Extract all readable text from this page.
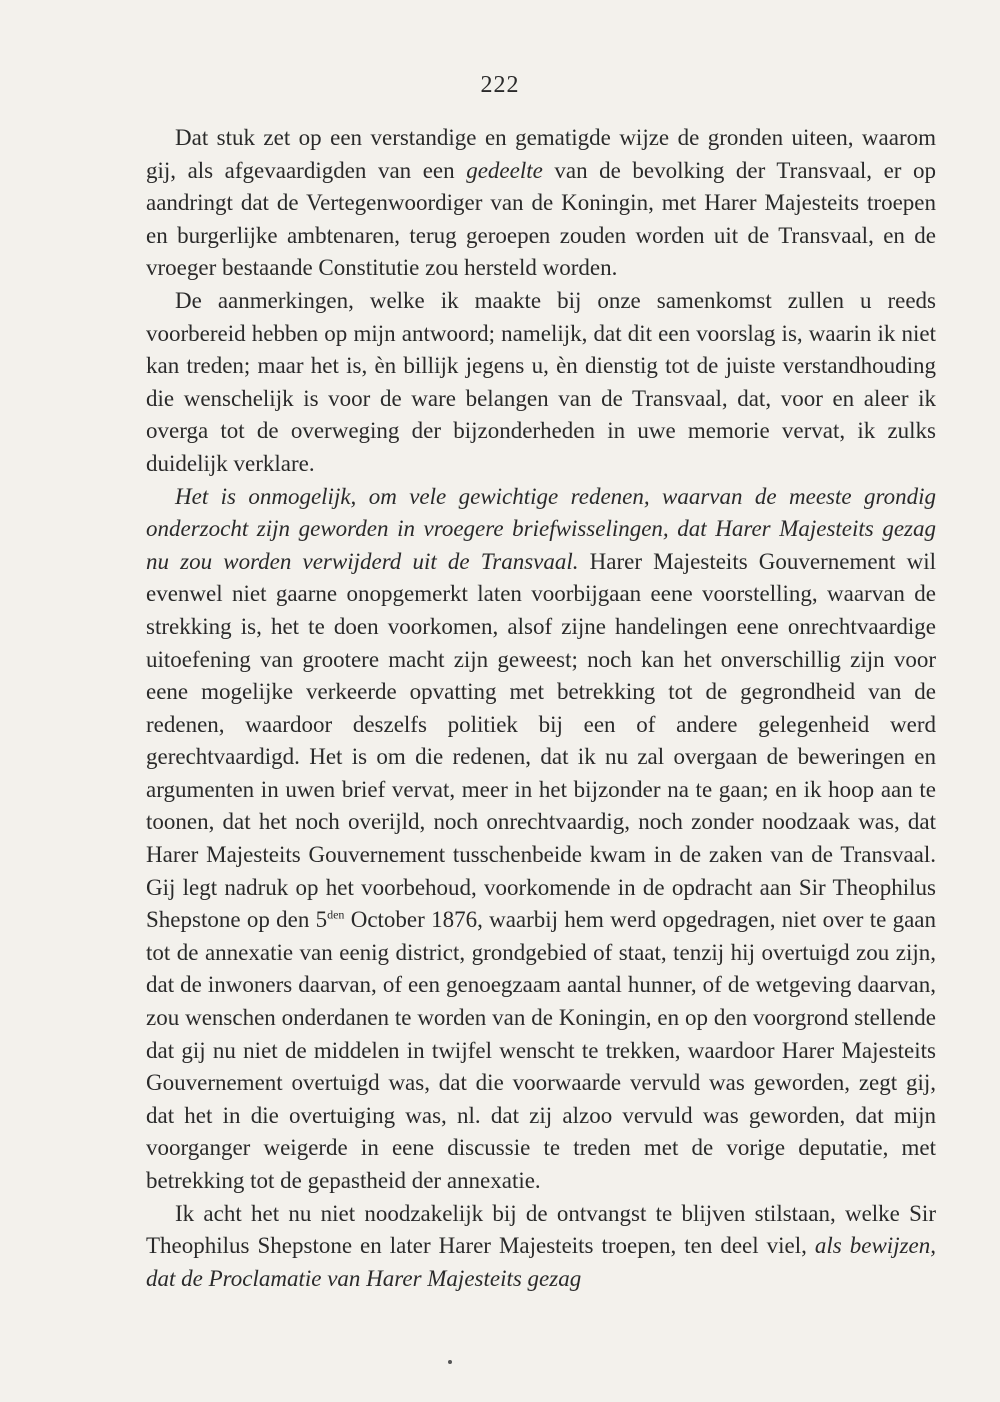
222

Dat stuk zet op een verstandige en gematigde wijze de gronden uiteen, waarom gij, als afgevaardigden van een gedeelte van de bevolking der Transvaal, er op aandringt dat de Vertegenwoordiger van de Koningin, met Harer Majesteits troepen en burgerlijke ambtenaren, terug geroepen zouden worden uit de Transvaal, en de vroeger bestaande Constitutie zou hersteld worden.

De aanmerkingen, welke ik maakte bij onze samenkomst zullen u reeds voorbereid hebben op mijn antwoord; namelijk, dat dit een voorslag is, waarin ik niet kan treden; maar het is, èn billijk jegens u, èn dienstig tot de juiste verstandhouding die wenschelijk is voor de ware belangen van de Transvaal, dat, voor en aleer ik overga tot de overweging der bijzonderheden in uwe memorie vervat, ik zulks duidelijk verklare.

Het is onmogelijk, om vele gewichtige redenen, waarvan de meeste grondig onderzocht zijn geworden in vroegere briefwisselingen, dat Harer Majesteits gezag nu zou worden verwijderd uit de Transvaal. Harer Majesteits Gouvernement wil evenwel niet gaarne onopgemerkt laten voorbijgaan eene voorstelling, waarvan de strekking is, het te doen voorkomen, alsof zijne handelingen eene onrechtvaardige uitoefening van grootere macht zijn geweest; noch kan het onverschillig zijn voor eene mogelijke verkeerde opvatting met betrekking tot de gegrondheid van de redenen, waardoor deszelfs politiek bij een of andere gelegenheid werd gerechtvaardigd. Het is om die redenen, dat ik nu zal overgaan de beweringen en argumenten in uwen brief vervat, meer in het bijzonder na te gaan; en ik hoop aan te toonen, dat het noch overijld, noch onrechtvaardig, noch zonder noodzaak was, dat Harer Majesteits Gouvernement tusschenbeide kwam in de zaken van de Transvaal. Gij legt nadruk op het voorbehoud, voorkomende in de opdracht aan Sir Theophilus Shepstone op den $5^{den}$ October 1876, waarbij hem werd opgedragen, niet over te gaan tot de annexatie van eenig district, grondgebied of staat, tenzij hij overtuigd zou zijn, dat de inwoners daarvan, of een genoegzaam aantal hunner, of de wetgeving daarvan, zou wenschen onderdanen te worden van de Koningin, en op den voorgrond stellende dat gij nu niet de middelen in twijfel wenscht te trekken, waardoor Harer Majesteits Gouvernement overtuigd was, dat die voorwaarde vervuld was geworden, zegt gij, dat het in die overtuiging was, nl. dat zij alzoo vervuld was geworden, dat mijn voorganger weigerde in eene discussie te treden met de vorige deputatie, met betrekking tot de gepastheid der annexatie.

Ik acht het nu niet noodzakelijk bij de ontvangst te blijven stilstaan, welke Sir Theophilus Shepstone en later Harer Majesteits troepen, ten deel viel, als bewijzen, dat de Proclamatie van Harer Majesteits gezag
